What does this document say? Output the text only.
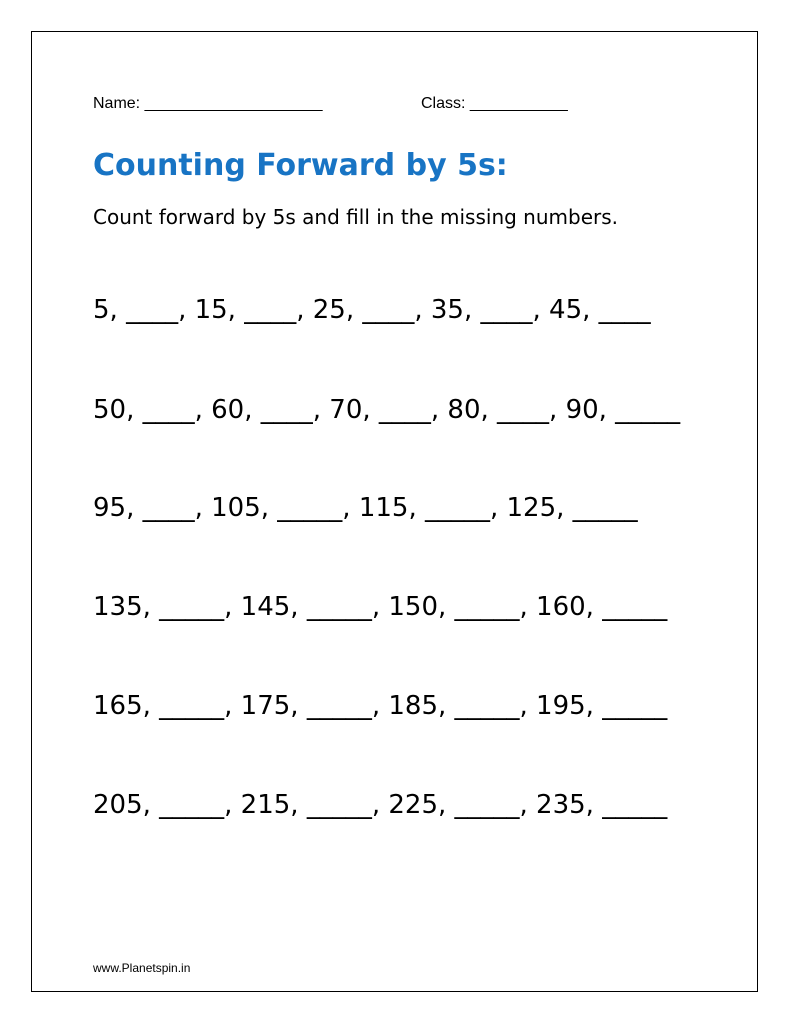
Name: ____________________	Class: ___________
Counting Forward by 5s:
Count forward by 5s and fill in the missing numbers.
5, ____, 15, ____, 25, ____, 35, ____, 45, ____
50, ____, 60, ____, 70, ____, 80, ____, 90, _____
95, ____, 105, _____, 115, _____, 125, _____
135, _____, 145, _____, 150, _____, 160, _____
165, _____, 175, _____, 185, _____, 195, _____
205, _____, 215, _____, 225, _____, 235, _____
www.Planetspin.in
